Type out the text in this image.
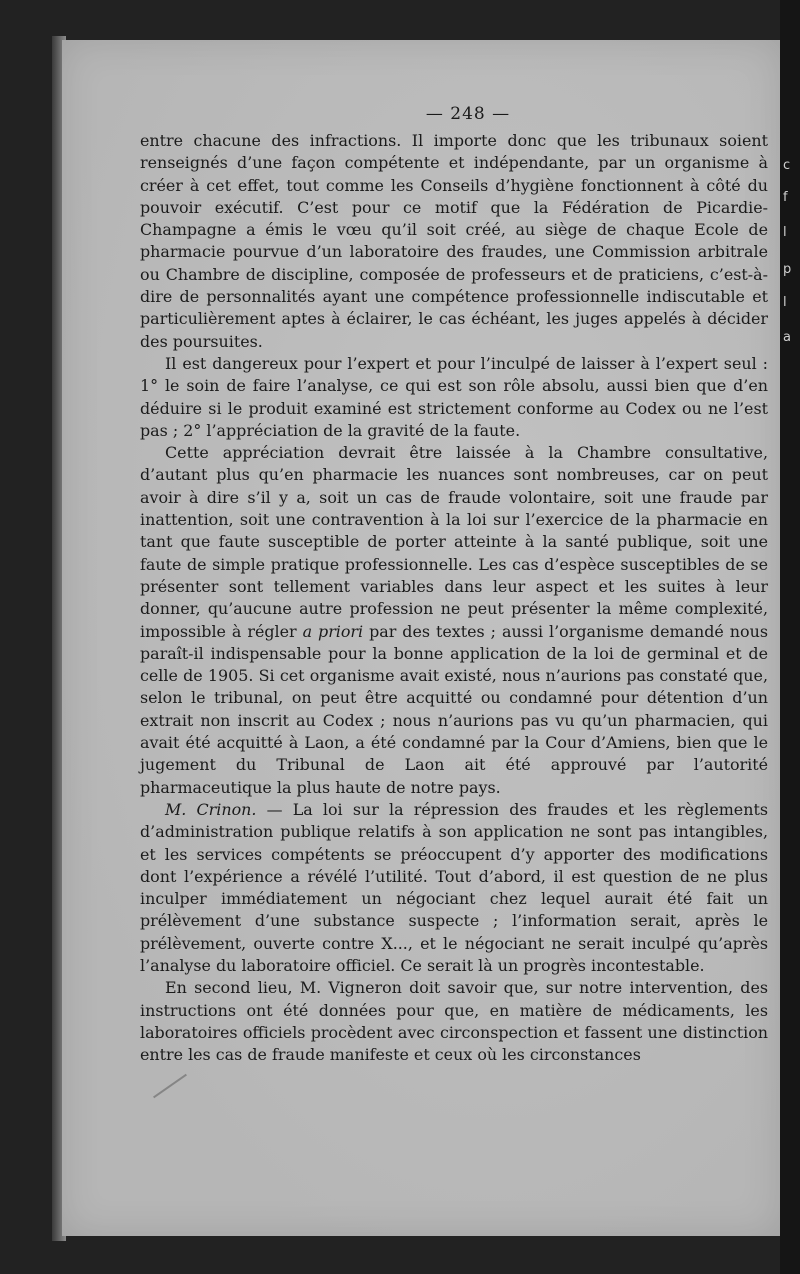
c
f
l
p
l
a
— 248 —

entre chacune des infractions. Il importe donc que les tribunaux soient renseignés d’une façon compétente et indépendante, par un organisme à créer à cet effet, tout comme les Conseils d’hygiène fonctionnent à côté du pouvoir exécutif. C’est pour ce motif que la Fédération de Picardie-Champagne a émis le vœu qu’il soit créé, au siège de chaque Ecole de pharmacie pourvue d’un laboratoire des fraudes, une Commission arbitrale ou Chambre de discipline, composée de professeurs et de praticiens, c’est-à-dire de personnalités ayant une compétence professionnelle indiscutable et particulièrement aptes à éclairer, le cas échéant, les juges appelés à décider des poursuites.

Il est dangereux pour l’expert et pour l’inculpé de laisser à l’expert seul : 1° le soin de faire l’analyse, ce qui est son rôle absolu, aussi bien que d’en déduire si le produit examiné est strictement conforme au Codex ou ne l’est pas ; 2° l’appréciation de la gravité de la faute.

Cette appréciation devrait être laissée à la Chambre consultative, d’autant plus qu’en pharmacie les nuances sont nombreuses, car on peut avoir à dire s’il y a, soit un cas de fraude volontaire, soit une fraude par inattention, soit une contravention à la loi sur l’exercice de la pharmacie en tant que faute susceptible de porter atteinte à la santé publique, soit une faute de simple pratique professionnelle. Les cas d’espèce susceptibles de se présenter sont tellement variables dans leur aspect et les suites à leur donner, qu’aucune autre profession ne peut présenter la même complexité, impossible à régler a priori par des textes ; aussi l’organisme demandé nous paraît-il indispensable pour la bonne application de la loi de germinal et de celle de 1905. Si cet organisme avait existé, nous n’aurions pas constaté que, selon le tribunal, on peut être acquitté ou condamné pour détention d’un extrait non inscrit au Codex ; nous n’aurions pas vu qu’un pharmacien, qui avait été acquitté à Laon, a été condamné par la Cour d’Amiens, bien que le jugement du Tribunal de Laon ait été approuvé par l’autorité pharmaceutique la plus haute de notre pays.

M. Crinon. — La loi sur la répression des fraudes et les règlements d’administration publique relatifs à son application ne sont pas intangibles, et les services compétents se préoccupent d’y apporter des modifications dont l’expérience a révélé l’utilité. Tout d’abord, il est question de ne plus inculper immédiatement un négociant chez lequel aurait été fait un prélèvement d’une substance suspecte ; l’information serait, après le prélèvement, ouverte contre X..., et le négociant ne serait inculpé qu’après l’analyse du laboratoire officiel. Ce serait là un progrès incontestable.

En second lieu, M. Vigneron doit savoir que, sur notre intervention, des instructions ont été données pour que, en matière de médicaments, les laboratoires officiels procèdent avec circonspection et fassent une distinction entre les cas de fraude manifeste et ceux où les circonstances
